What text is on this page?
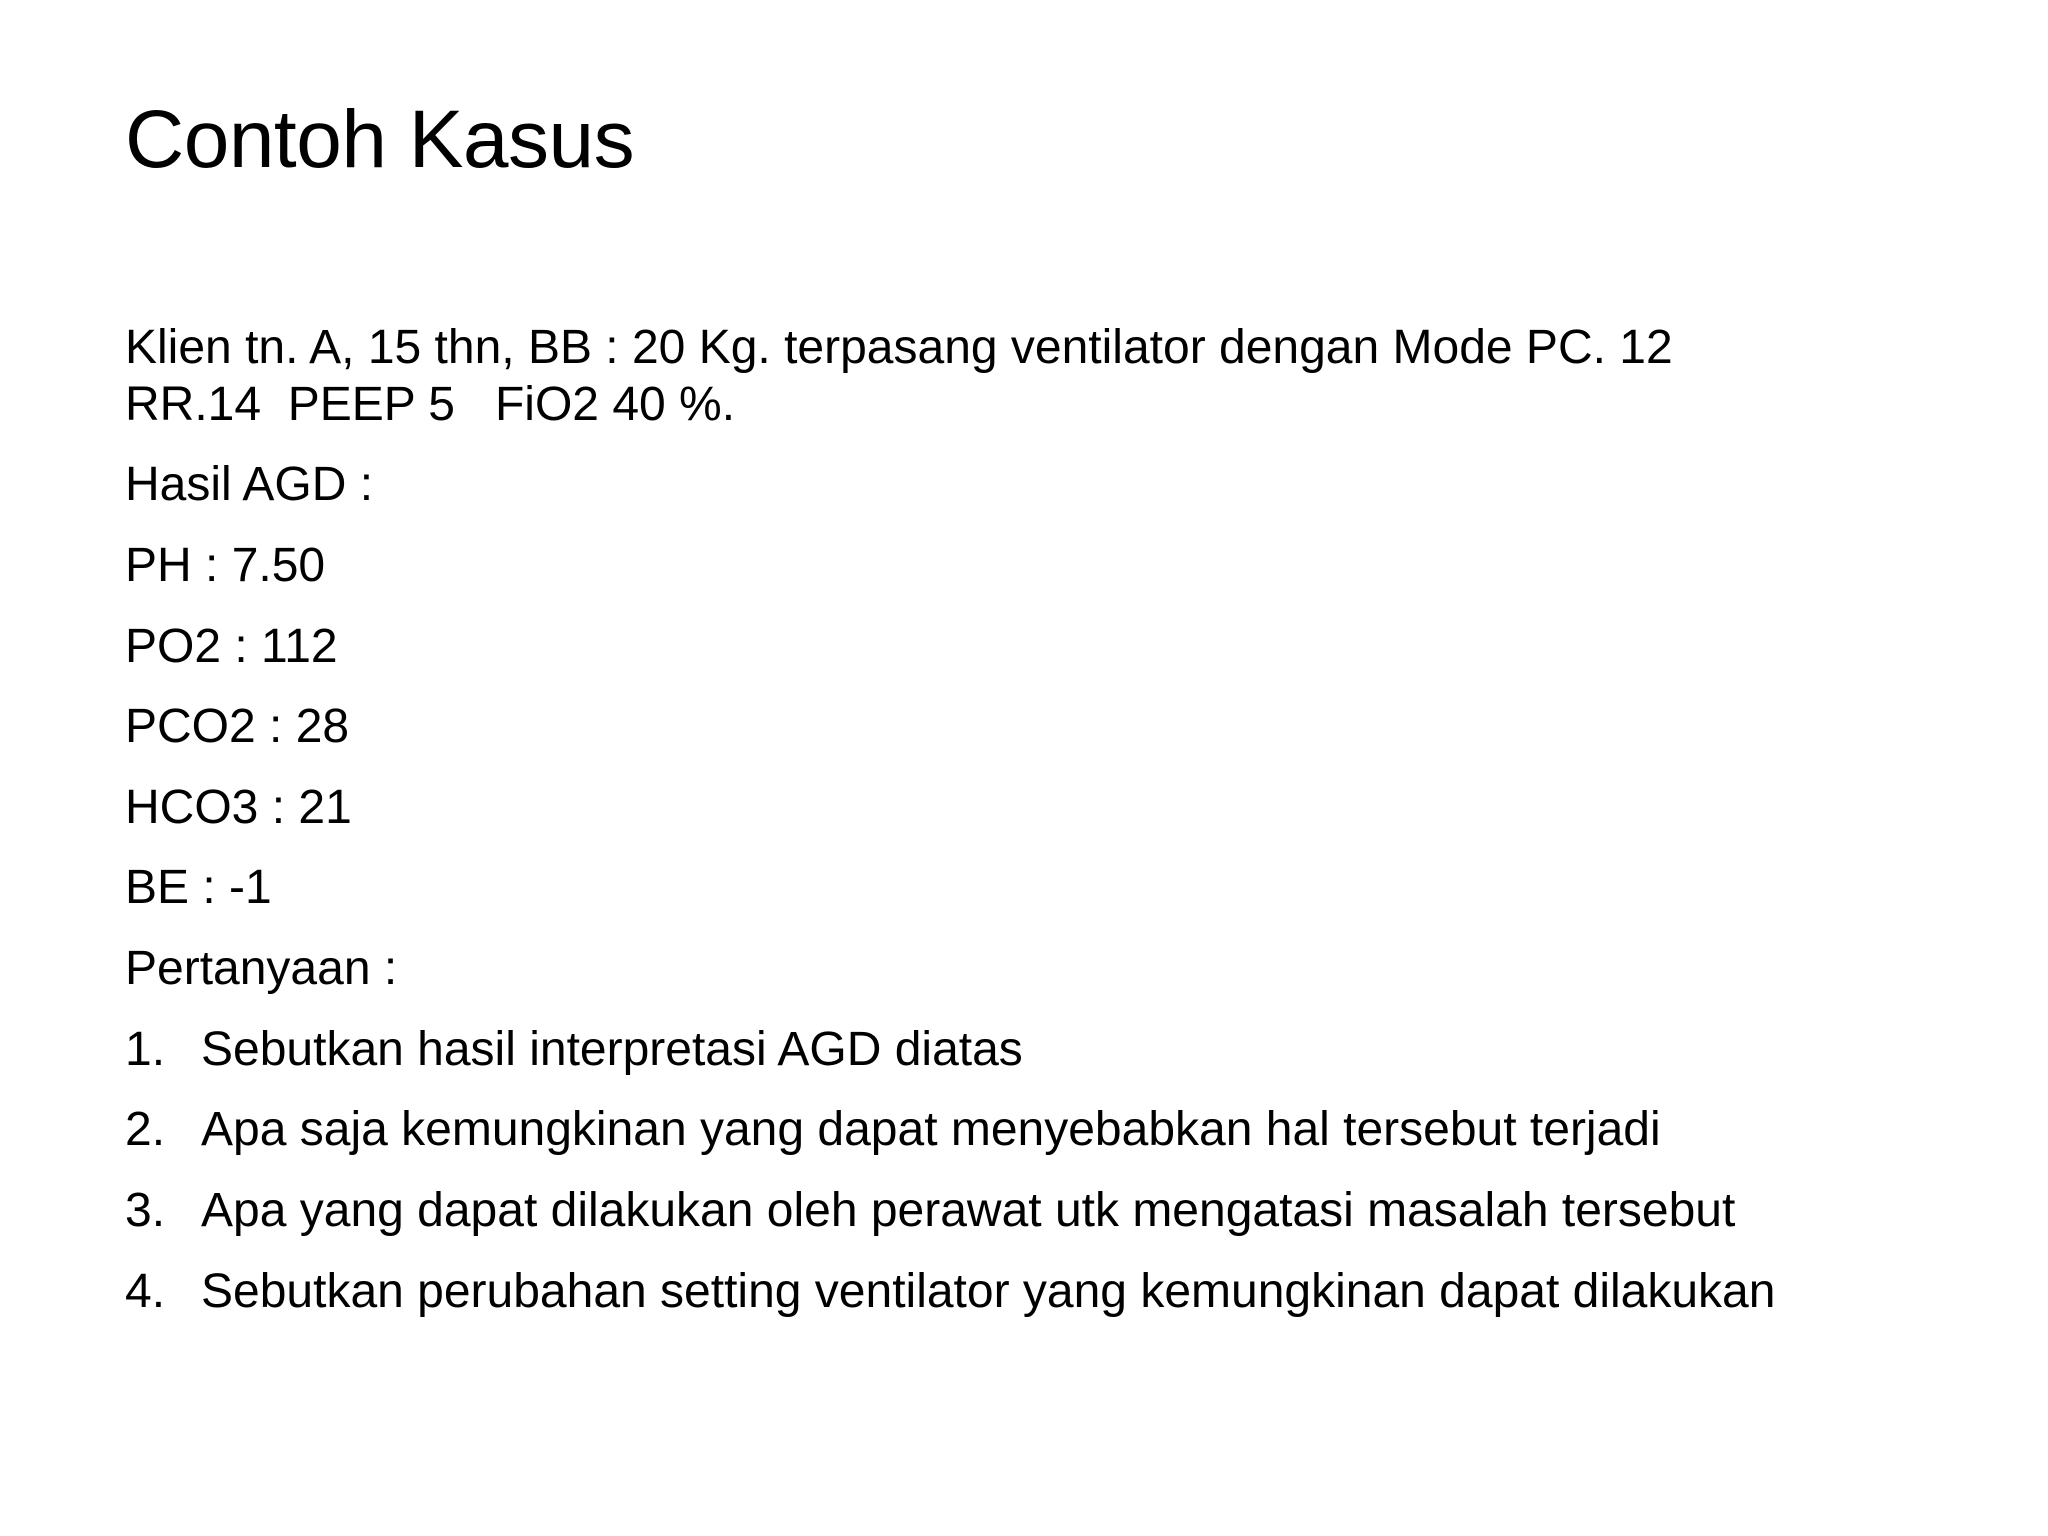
Contoh Kasus

Klien tn. A, 15 thn, BB : 20 Kg. terpasang ventilator dengan Mode PC. 12
RR.14  PEEP 5   FiO2 40 %.

Hasil AGD :

PH : 7.50

PO2 : 112

PCO2 : 28

HCO3 : 21

BE : -1

Pertanyaan :

1. Sebutkan hasil interpretasi AGD diatas
2. Apa saja kemungkinan yang dapat menyebabkan hal tersebut terjadi
3. Apa yang dapat dilakukan oleh perawat utk mengatasi masalah tersebut
4. Sebutkan perubahan setting ventilator yang kemungkinan dapat dilakukan
